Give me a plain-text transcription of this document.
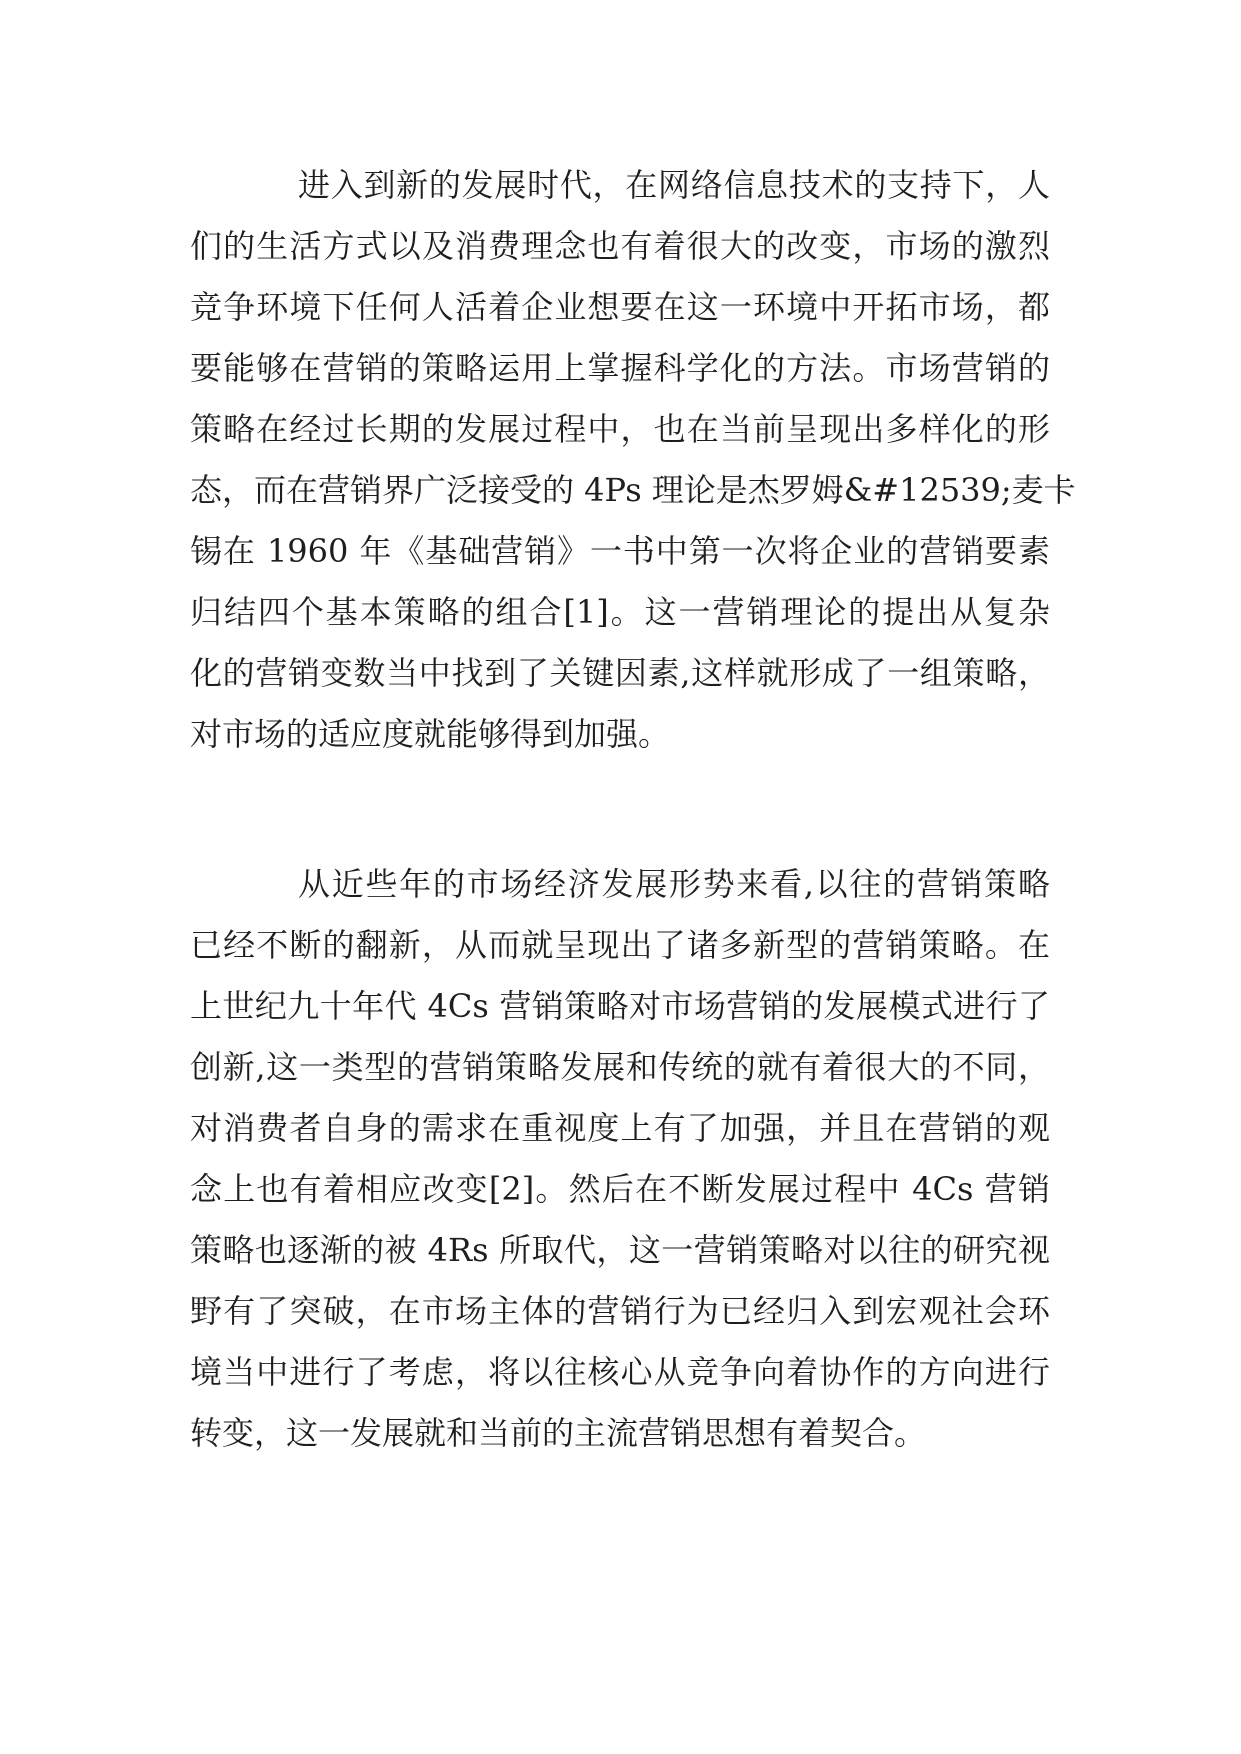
进入到新的发展时代，在网络信息技术的支持下，人
们的生活方式以及消费理念也有着很大的改变，市场的激烈
竞争环境下任何人活着企业想要在这一环境中开拓市场，都
要能够在营销的策略运用上掌握科学化的方法。市场营销的
策略在经过长期的发展过程中，也在当前呈现出多样化的形
态，而在营销界广泛接受的 4Ps 理论是杰罗姆&#12539;麦卡
锡在 1960 年《基础营销》一书中第一次将企业的营销要素
归结四个基本策略的组合[1]。这一营销理论的提出从复杂
化的营销变数当中找到了关键因素,这样就形成了一组策略，
对市场的适应度就能够得到加强。
从近些年的市场经济发展形势来看,以往的营销策略
已经不断的翻新，从而就呈现出了诸多新型的营销策略。在
上世纪九十年代 4Cs 营销策略对市场营销的发展模式进行了
创新,这一类型的营销策略发展和传统的就有着很大的不同，
对消费者自身的需求在重视度上有了加强，并且在营销的观
念上也有着相应改变[2]。然后在不断发展过程中 4Cs 营销
策略也逐渐的被 4Rs 所取代，这一营销策略对以往的研究视
野有了突破，在市场主体的营销行为已经归入到宏观社会环
境当中进行了考虑，将以往核心从竞争向着协作的方向进行
转变，这一发展就和当前的主流营销思想有着契合。
